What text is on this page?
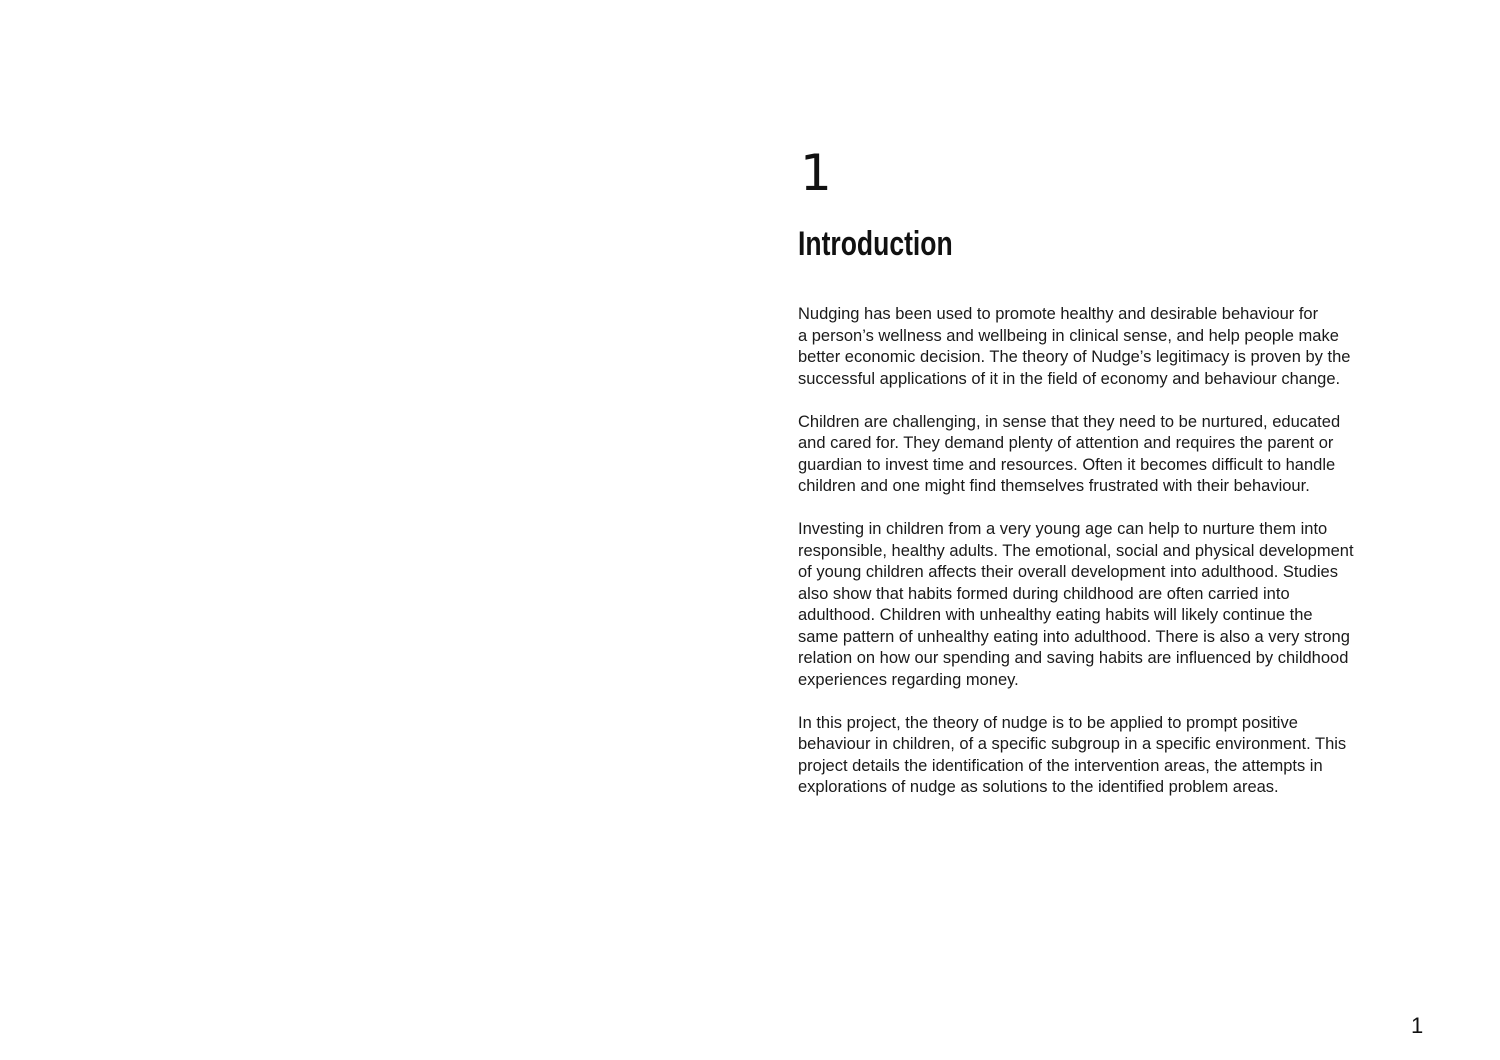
1
Introduction

Nudging has been used to promote healthy and desirable behaviour for
a person’s wellness and wellbeing in clinical sense, and help people make
better economic decision. The theory of Nudge’s legitimacy is proven by the
successful applications of it in the field of economy and behaviour change.

Children are challenging, in sense that they need to be nurtured, educated
and cared for. They demand plenty of attention and requires the parent or
guardian to invest time and resources. Often it becomes difficult to handle
children and one might find themselves frustrated with their behaviour.

Investing in children from a very young age can help to nurture them into
responsible, healthy adults. The emotional, social and physical development
of young children affects their overall development into adulthood. Studies
also show that habits formed during childhood are often carried into
adulthood. Children with unhealthy eating habits will likely continue the
same pattern of unhealthy eating into adulthood. There is also a very strong
relation on how our spending and saving habits are influenced by childhood
experiences regarding money.

In this project, the theory of nudge is to be applied to prompt positive
behaviour in children, of a specific subgroup in a specific environment. This
project details the identification of the intervention areas, the attempts in
explorations of nudge as solutions to the identified problem areas.

1
